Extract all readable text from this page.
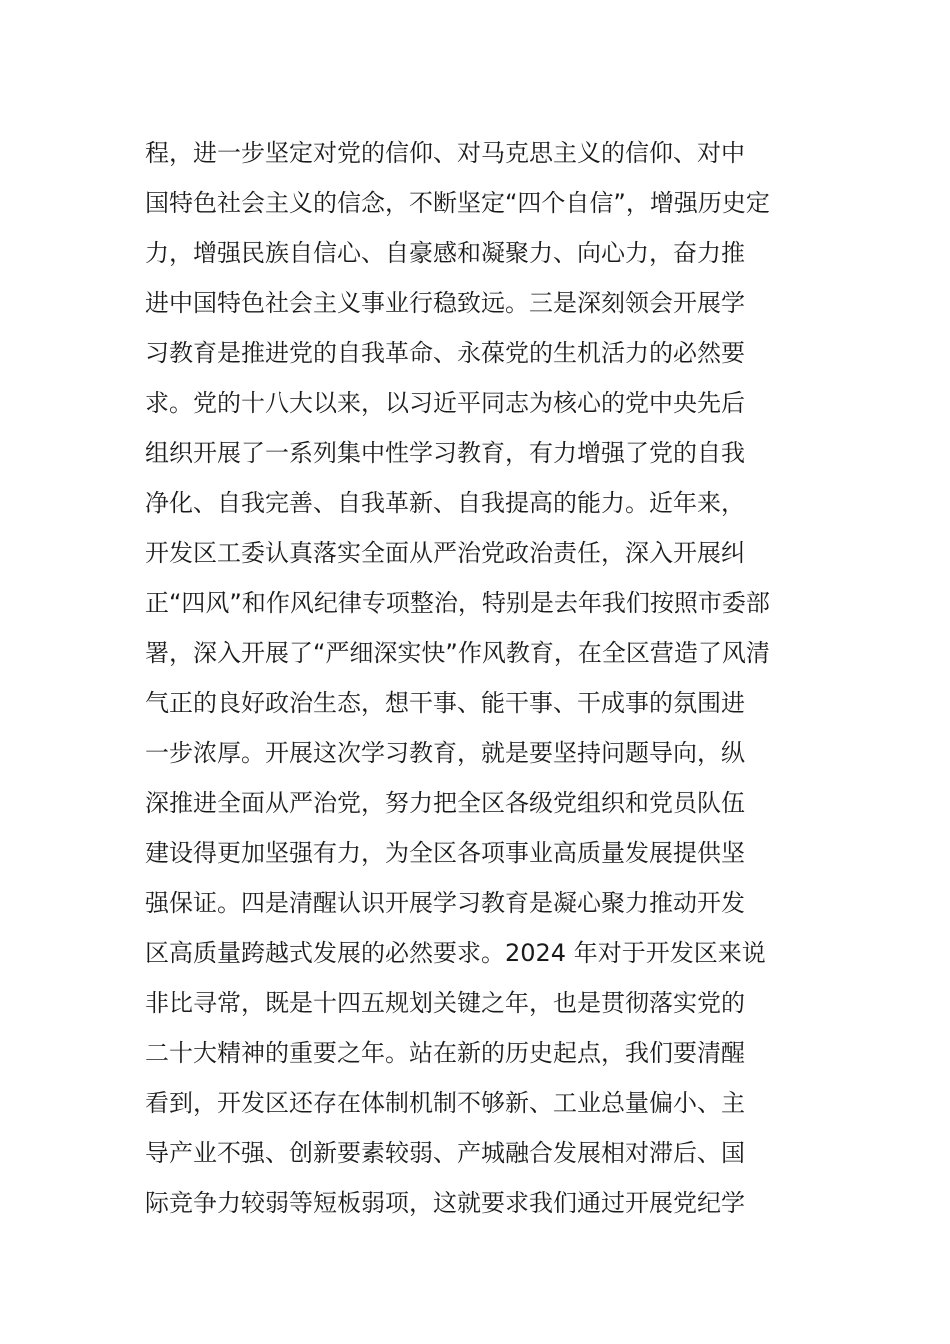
程，进一步坚定对党的信仰、对马克思主义的信仰、对中
国特色社会主义的信念，不断坚定“四个自信”，增强历史定
力，增强民族自信心、自豪感和凝聚力、向心力，奋力推
进中国特色社会主义事业行稳致远。三是深刻领会开展学
习教育是推进党的自我革命、永葆党的生机活力的必然要
求。党的十八大以来，以习近平同志为核心的党中央先后
组织开展了一系列集中性学习教育，有力增强了党的自我
净化、自我完善、自我革新、自我提高的能力。近年来，
开发区工委认真落实全面从严治党政治责任，深入开展纠
正“四风”和作风纪律专项整治，特别是去年我们按照市委部
署，深入开展了“严细深实快”作风教育，在全区营造了风清
气正的良好政治生态，想干事、能干事、干成事的氛围进
一步浓厚。开展这次学习教育，就是要坚持问题导向，纵
深推进全面从严治党，努力把全区各级党组织和党员队伍
建设得更加坚强有力，为全区各项事业高质量发展提供坚
强保证。四是清醒认识开展学习教育是凝心聚力推动开发
区高质量跨越式发展的必然要求。2024 年对于开发区来说
非比寻常，既是十四五规划关键之年，也是贯彻落实党的
二十大精神的重要之年。站在新的历史起点，我们要清醒
看到，开发区还存在体制机制不够新、工业总量偏小、主
导产业不强、创新要素较弱、产城融合发展相对滞后、国
际竞争力较弱等短板弱项，这就要求我们通过开展党纪学
